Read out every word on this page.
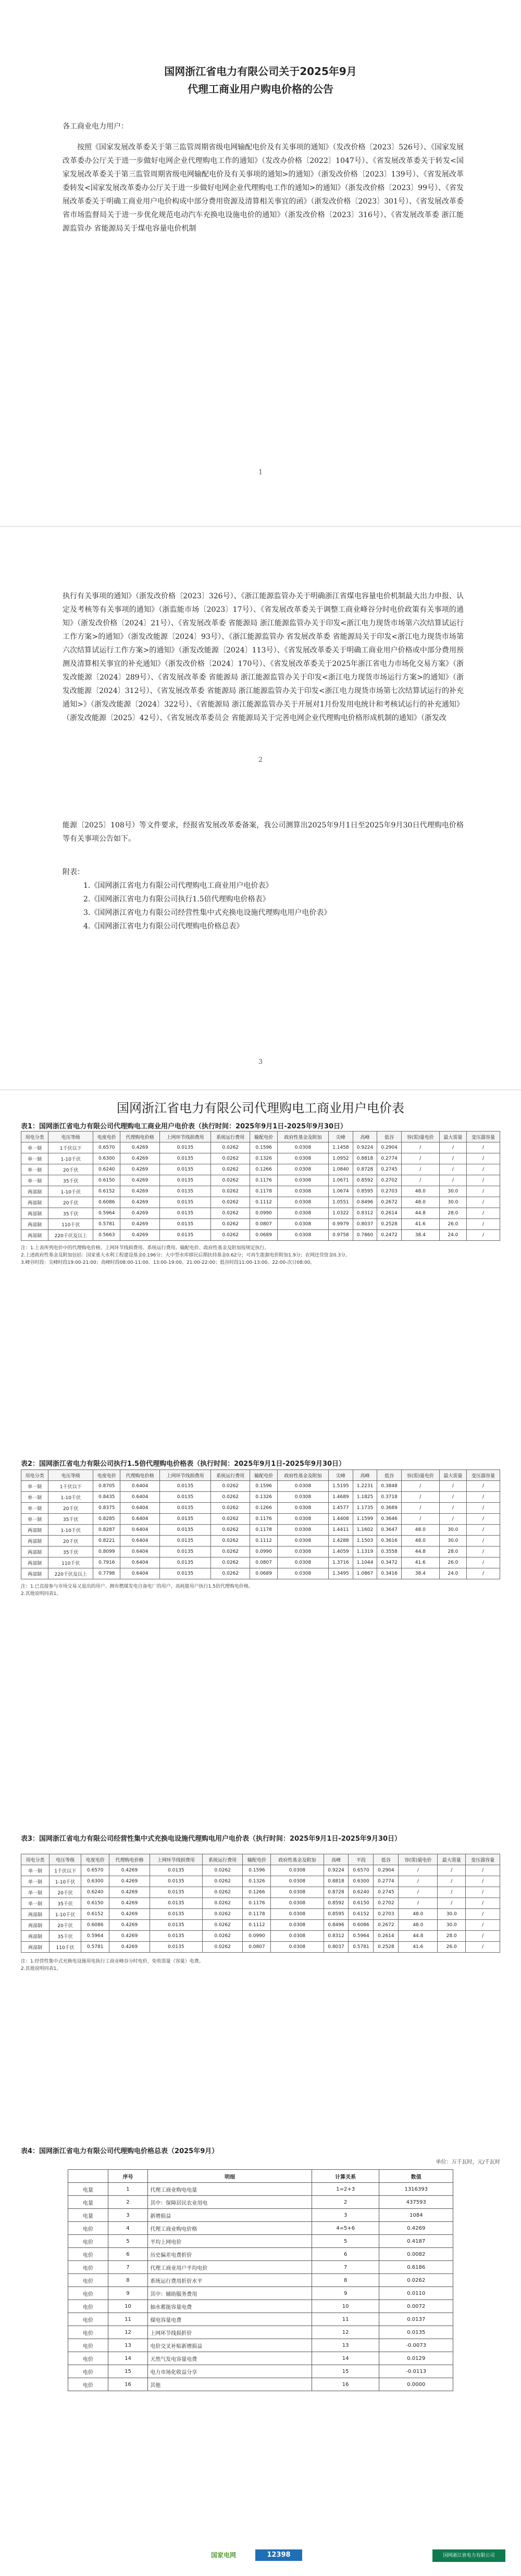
国网浙江省电力有限公司关于2025年9月
代理工商业用户购电价格的公告
各工商业电力用户：

按照《国家发展改革委关于第三监管周期省级电网输配电价及有关事项的通知》（发改价格〔2023〕526号）、《国家发展改革委办公厅关于进一步做好电网企业代理购电工作的通知》（发改办价格〔2022〕1047号）、《省发展改革委关于转发<国家发展改革委关于第三监管周期省级电网输配电价及有关事项的通知>的通知》（浙发改价格〔2023〕139号）、《省发展改革委转发<国家发展改革委办公厅关于进一步做好电网企业代理购电工作的通知>的通知》（浙发改价格〔2023〕99号）、《省发展改革委关于明确工商业用户电价构成中部分费用资源及清算相关事宜的函》（浙发改价格〔2023〕301号）、《省发展改革委 省市场监督局关于进一步优化规范电动汽车充换电设施电价的通知》（浙发改价格〔2023〕316号）、《省发展改革委 浙江能源监管办 省能源局关于煤电容量电价机制

1

执行有关事项的通知》（浙发改价格〔2023〕326号）、《浙江能源监管办关于明确浙江省煤电容量电价机制最大出力申报、认定及考核等有关事项的通知》（浙监能市场〔2023〕17号）、《省发展改革委关于调整工商业峰谷分时电价政策有关事项的通知》（浙发改价格〔2024〕21号）、《省发展改革委 省能源局 浙江能源监管办关于印发<浙江电力现货市场第六次结算试运行工作方案>的通知》（浙发改能源〔2024〕93号）、《浙江能源监管办 省发展改革委 省能源局关于印发<浙江电力现货市场第六次结算试运行工作方案>的通知》（浙发改能源〔2024〕113号）、《省发展改革委关于明确工商业用户价格或中部分费用预测及清算相关事宜的补充通知》（浙发改价格〔2024〕170号）、《省发展改革委关于2025年浙江省电力市场化交易方案》（浙发改能源〔2024〕289号）、《省发展改革委 省能源局 浙江能源监管办关于印发<浙江电力现货市场运行方案>的通知》（浙发改能源〔2024〕312号）、《省发展改革委 省能源局 浙江能源监管办关于印发<浙江电力现货市场第七次结算试运行的补充通知>》（浙发改能源〔2024〕322号）、《省能源局 浙江能源监管办关于开展对1月份发用电统计和考核试运行的补充通知》（浙发改能源〔2025〕42号）、《省发展改革委员会 省能源局关于完善电网企业代理购电价格形成机制的通知》（浙发改

2

能源〔2025〕108号）等文件要求，经报省发展改革委备案，我公司测算出2025年9月1日至2025年9月30日代理购电价格等有关事项公告如下。

附表：
1.《国网浙江省电力有限公司代理购电工商业用户电价表》
2.《国网浙江省电力有限公司执行1.5倍代理购电价格表》
3.《国网浙江省电力有限公司经营性集中式充换电设施代理购电用户电价表》
4.《国网浙江省电力有限公司代理购电价格总表》
3
国网浙江省电力有限公司代理购电工商业用户电价表
表1：国网浙江省电力有限公司代理购电工商业用户电价表（执行时间：2025年9月1日-2025年9月30日）
用电分类	电压等级	电度电价	代理购电价格	上网环节线损费用	系统运行费用	输配电价	政府性基金及附加	尖峰	高峰	低谷	容(需)量电价	最大需量	变压器容量
单一制	1千伏以下	0.6570	0.4269	0.0135	0.0262	0.1596	0.0308	1.1458	0.9224	0.2904	/	/	/
单一制	1-10千伏	0.6300	0.4269	0.0135	0.0262	0.1326	0.0308	1.0952	0.8818	0.2774	/	/	/
单一制	20千伏	0.6240	0.4269	0.0135	0.0262	0.1266	0.0308	1.0840	0.8728	0.2745	/	/	/
单一制	35千伏	0.6150	0.4269	0.0135	0.0262	0.1176	0.0308	1.0671	0.8592	0.2702	/	/	/
两部制	1-10千伏	0.6152	0.4269	0.0135	0.0262	0.1178	0.0308	1.0674	0.8595	0.2703	48.0	30.0	/
两部制	20千伏	0.6086	0.4269	0.0135	0.0262	0.1112	0.0308	1.0551	0.8496	0.2672	48.0	30.0	/
两部制	35千伏	0.5964	0.4269	0.0135	0.0262	0.0990	0.0308	1.0322	0.8312	0.2614	44.8	28.0	/
两部制	110千伏	0.5781	0.4269	0.0135	0.0262	0.0807	0.0308	0.9979	0.8037	0.2528	41.6	26.0	/
两部制	220千伏及以上	0.5663	0.4269	0.0135	0.0262	0.0689	0.0308	0.9758	0.7860	0.2472	38.4	24.0	/
注：1.上表所列电价中的代理购电价格、上网环节线损费用、系统运行费用、输配电价、政府性基金及附加按规定执行。
2.上述政府性基金及附加包括：国家重大水利工程建设基金0.196分；大中型水库移民后期扶持基金0.62分；可再生能源电价附加1.9分；农网还贷资金0.3分。
3.峰谷时段：尖峰时段19:00-21:00；高峰时段08:00-11:00、13:00-19:00、21:00-22:00；低谷时段11:00-13:00、22:00-次日08:00。
表2：国网浙江省电力有限公司执行1.5倍代理购电价格表（执行时间：2025年9月1日-2025年9月30日）
用电分类	电压等级	电度电价	代理购电价格	上网环节线损费用	系统运行费用	输配电价	政府性基金及附加	尖峰	高峰	低谷	容(需)量电价	最大需量	变压器容量
单一制	1千伏以下	0.8705	0.6404	0.0135	0.0262	0.1596	0.0308	1.5195	1.2231	0.3848	/	/	/
单一制	1-10千伏	0.8435	0.6404	0.0135	0.0262	0.1326	0.0308	1.4689	1.1825	0.3718	/	/	/
单一制	20千伏	0.8375	0.6404	0.0135	0.0262	0.1266	0.0308	1.4577	1.1735	0.3689	/	/	/
单一制	35千伏	0.8285	0.6404	0.0135	0.0262	0.1176	0.0308	1.4408	1.1599	0.3646	/	/	/
两部制	1-10千伏	0.8287	0.6404	0.0135	0.0262	0.1178	0.0308	1.4411	1.1602	0.3647	48.0	30.0	/
两部制	20千伏	0.8221	0.6404	0.0135	0.0262	0.1112	0.0308	1.4288	1.1503	0.3616	48.0	30.0	/
两部制	35千伏	0.8099	0.6404	0.0135	0.0262	0.0990	0.0308	1.4059	1.1319	0.3558	44.8	28.0	/
两部制	110千伏	0.7916	0.6404	0.0135	0.0262	0.0807	0.0308	1.3716	1.1044	0.3472	41.6	26.0	/
两部制	220千伏及以上	0.7798	0.6404	0.0135	0.0262	0.0689	0.0308	1.3495	1.0867	0.3416	38.4	24.0	/
注：1.已直接参与市场交易又退出的用户、拥有燃煤发电自备电厂的用户、高耗能用户执行1.5倍代理购电价格。
2.其他说明同表1。
表3：国网浙江省电力有限公司经营性集中式充换电设施代理购电用户电价表（执行时间：2025年9月1日-2025年9月30日）
用电分类	电压等级	电度电价	代理购电价格	上网环节线损费用	系统运行费用	输配电价	政府性基金及附加	高峰	平段	低谷	容(需)量电价	最大需量	变压器容量
单一制	1千伏以下	0.6570	0.4269	0.0135	0.0262	0.1596	0.0308	0.9224	0.6570	0.2904	/	/	/
单一制	1-10千伏	0.6300	0.4269	0.0135	0.0262	0.1326	0.0308	0.8818	0.6300	0.2774	/	/	/
单一制	20千伏	0.6240	0.4269	0.0135	0.0262	0.1266	0.0308	0.8728	0.6240	0.2745	/	/	/
单一制	35千伏	0.6150	0.4269	0.0135	0.0262	0.1176	0.0308	0.8592	0.6150	0.2702	/	/	/
两部制	1-10千伏	0.6152	0.4269	0.0135	0.0262	0.1178	0.0308	0.8595	0.6152	0.2703	48.0	30.0	/
两部制	20千伏	0.6086	0.4269	0.0135	0.0262	0.1112	0.0308	0.8496	0.6086	0.2672	48.0	30.0	/
两部制	35千伏	0.5964	0.4269	0.0135	0.0262	0.0990	0.0308	0.8312	0.5964	0.2614	44.8	28.0	/
两部制	110千伏	0.5781	0.4269	0.0135	0.0262	0.0807	0.0308	0.8037	0.5781	0.2528	41.6	26.0	/
注：1.经营性集中式充换电设施用电执行工商业峰谷分时电价，免收需量（容量）电费。
2.其他说明同表1。
表4：国网浙江省电力有限公司代理购电价格总表（2025年9月）
单位：万千瓦时，元/千瓦时
	序号	明细	计算关系	数值
电量	1	代理工商业购电电量	1=2+3	1316393
电量	2	其中：保障居民农业用电	2	437593
电量	3	新增损益	3	1084
电价	4	代理工商业购电价格	4=5+6	0.4269
电价	5	平均上网电价	5	0.4187
电价	6	历史偏差电费折价	6	0.0082
电价	7	代理工商业用户平均电价	7	0.6186
电价	8	系统运行费用折价水平	8	0.0262
电价	9	其中：辅助服务费用	9	0.0110
电价	10	抽水蓄能容量电费	10	0.0072
电价	11	煤电容量电费	11	0.0137
电价	12	上网环节线损折价	12	0.0135
电价	13	电价交叉补贴新增损益	13	-0.0073
电价	14	天然气发电容量电费	14	0.0129
电价	15	电力市场化收益分享	15	-0.0113
电价	16	其他	16	0.0000
国家电网	12398	国网浙江省电力有限公司
